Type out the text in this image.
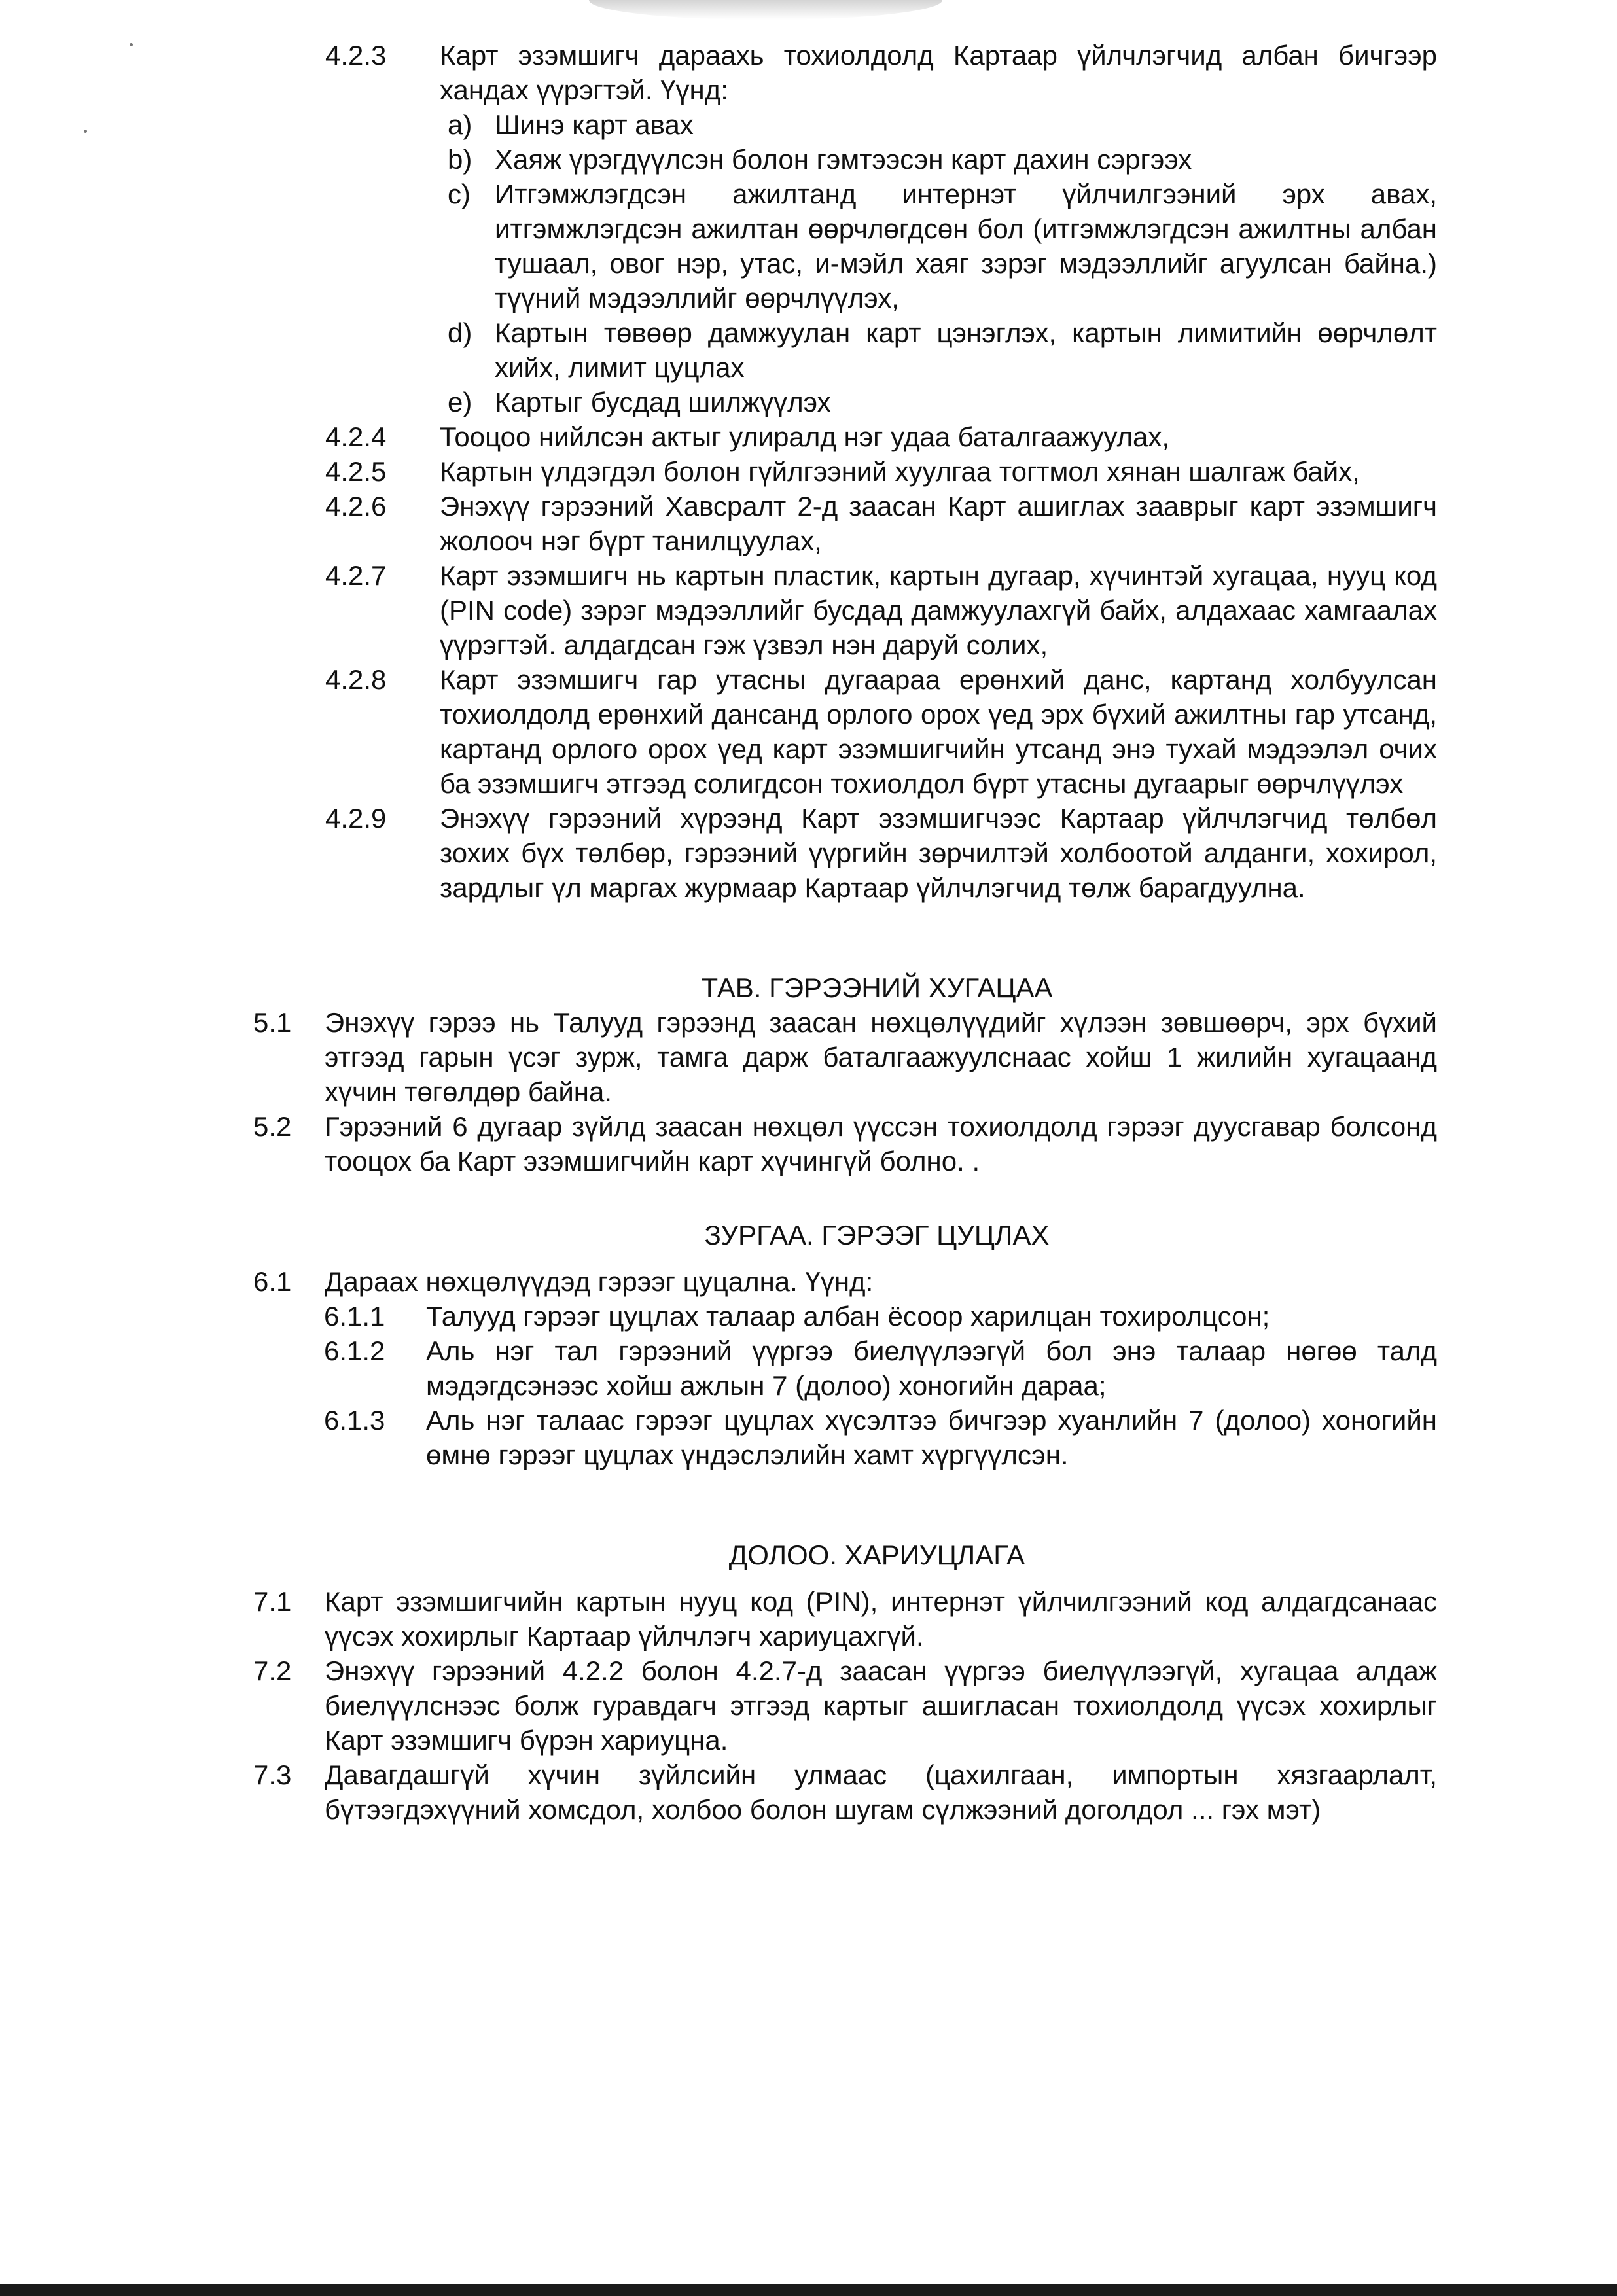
4.2.3 Карт эзэмшигч дараахь тохиолдолд Картаар үйлчлэгчид албан бичгээр хандах үүрэгтэй. Үүнд:
a) Шинэ карт авах
b) Хаяж үрэгдүүлсэн болон гэмтээсэн карт дахин сэргээх
c) Итгэмжлэгдсэн ажилтанд интернэт үйлчилгээний эрх авах, итгэмжлэгдсэн ажилтан өөрчлөгдсөн бол (итгэмжлэгдсэн ажилтны албан тушаал, овог нэр, утас, и-мэйл хаяг зэрэг мэдээллийг агуулсан байна.) түүний мэдээллийг өөрчлүүлэх,
d) Картын төвөөр дамжуулан карт цэнэглэх, картын лимитийн өөрчлөлт хийх, лимит цуцлах
e) Картыг бусдад шилжүүлэх
4.2.4 Тооцоо нийлсэн актыг улиралд нэг удаа баталгаажуулах,
4.2.5 Картын үлдэгдэл болон гүйлгээний хуулгаа тогтмол хянан шалгаж байх,
4.2.6 Энэхүү гэрээний Хавсралт 2-д заасан Карт ашиглах зааврыг карт эзэмшигч жолооч нэг бүрт танилцуулах,
4.2.7 Карт эзэмшигч нь картын пластик, картын дугаар, хүчинтэй хугацаа, нууц код (PIN code) зэрэг мэдээллийг бусдад дамжуулахгүй байх, алдахаас хамгаалах үүрэгтэй. алдагдсан гэж үзвэл нэн даруй солих,
4.2.8 Карт эзэмшигч гар утасны дугаараа ерөнхий данс, картанд холбуулсан тохиолдолд ерөнхий дансанд орлого орох үед эрх бүхий ажилтны гар утсанд, картанд орлого орох үед карт эзэмшигчийн утсанд энэ тухай мэдээлэл очих ба эзэмшигч этгээд солигдсон тохиолдол бүрт утасны дугаарыг өөрчлүүлэх
4.2.9 Энэхүү гэрээний хүрээнд Карт эзэмшигчээс Картаар үйлчлэгчид төлбөл зохих бүх төлбөр, гэрээний үүргийн зөрчилтэй холбоотой алданги, хохирол, зардлыг үл маргах журмаар Картаар үйлчлэгчид төлж барагдуулна.
ТАВ. ГЭРЭЭНИЙ ХУГАЦАА
5.1 Энэхүү гэрээ нь Талууд гэрээнд заасан нөхцөлүүдийг хүлээн зөвшөөрч, эрх бүхий этгээд гарын үсэг зурж, тамга дарж баталгаажуулснаас хойш 1 жилийн хугацаанд хүчин төгөлдөр байна.
5.2 Гэрээний 6 дугаар зүйлд заасан нөхцөл үүссэн тохиолдолд гэрээг дуусгавар болсонд тооцох ба Карт эзэмшигчийн карт хүчингүй болно. .
ЗУРГАА. ГЭРЭЭГ ЦУЦЛАХ
6.1 Дараах нөхцөлүүдэд гэрээг цуцална. Үүнд:
6.1.1 Талууд гэрээг цуцлах талаар албан ёсоор харилцан тохиролцсон;
6.1.2 Аль нэг тал гэрээний үүргээ биелүүлээгүй бол энэ талаар нөгөө талд мэдэгдсэнээс хойш ажлын 7 (долоо) хоногийн дараа;
6.1.3 Аль нэг талаас гэрээг цуцлах хүсэлтээ бичгээр хуанлийн 7 (долоо) хоногийн өмнө гэрээг цуцлах үндэслэлийн хамт хүргүүлсэн.
ДОЛОО. ХАРИУЦЛАГА
7.1 Карт эзэмшигчийн картын нууц код (PIN), интернэт үйлчилгээний код алдагдсанаас үүсэх хохирлыг Картаар үйлчлэгч хариуцахгүй.
7.2 Энэхүү гэрээний 4.2.2 болон 4.2.7-д заасан үүргээ биелүүлээгүй, хугацаа алдаж биелүүлснээс болж гуравдагч этгээд картыг ашигласан тохиолдолд үүсэх хохирлыг Карт эзэмшигч бүрэн хариуцна.
7.3 Давагдашгүй хүчин зүйлсийн улмаас (цахилгаан, импортын хязгаарлалт, бүтээгдэхүүний хомсдол, холбоо болон шугам сүлжээний доголдол ... гэх мэт)
